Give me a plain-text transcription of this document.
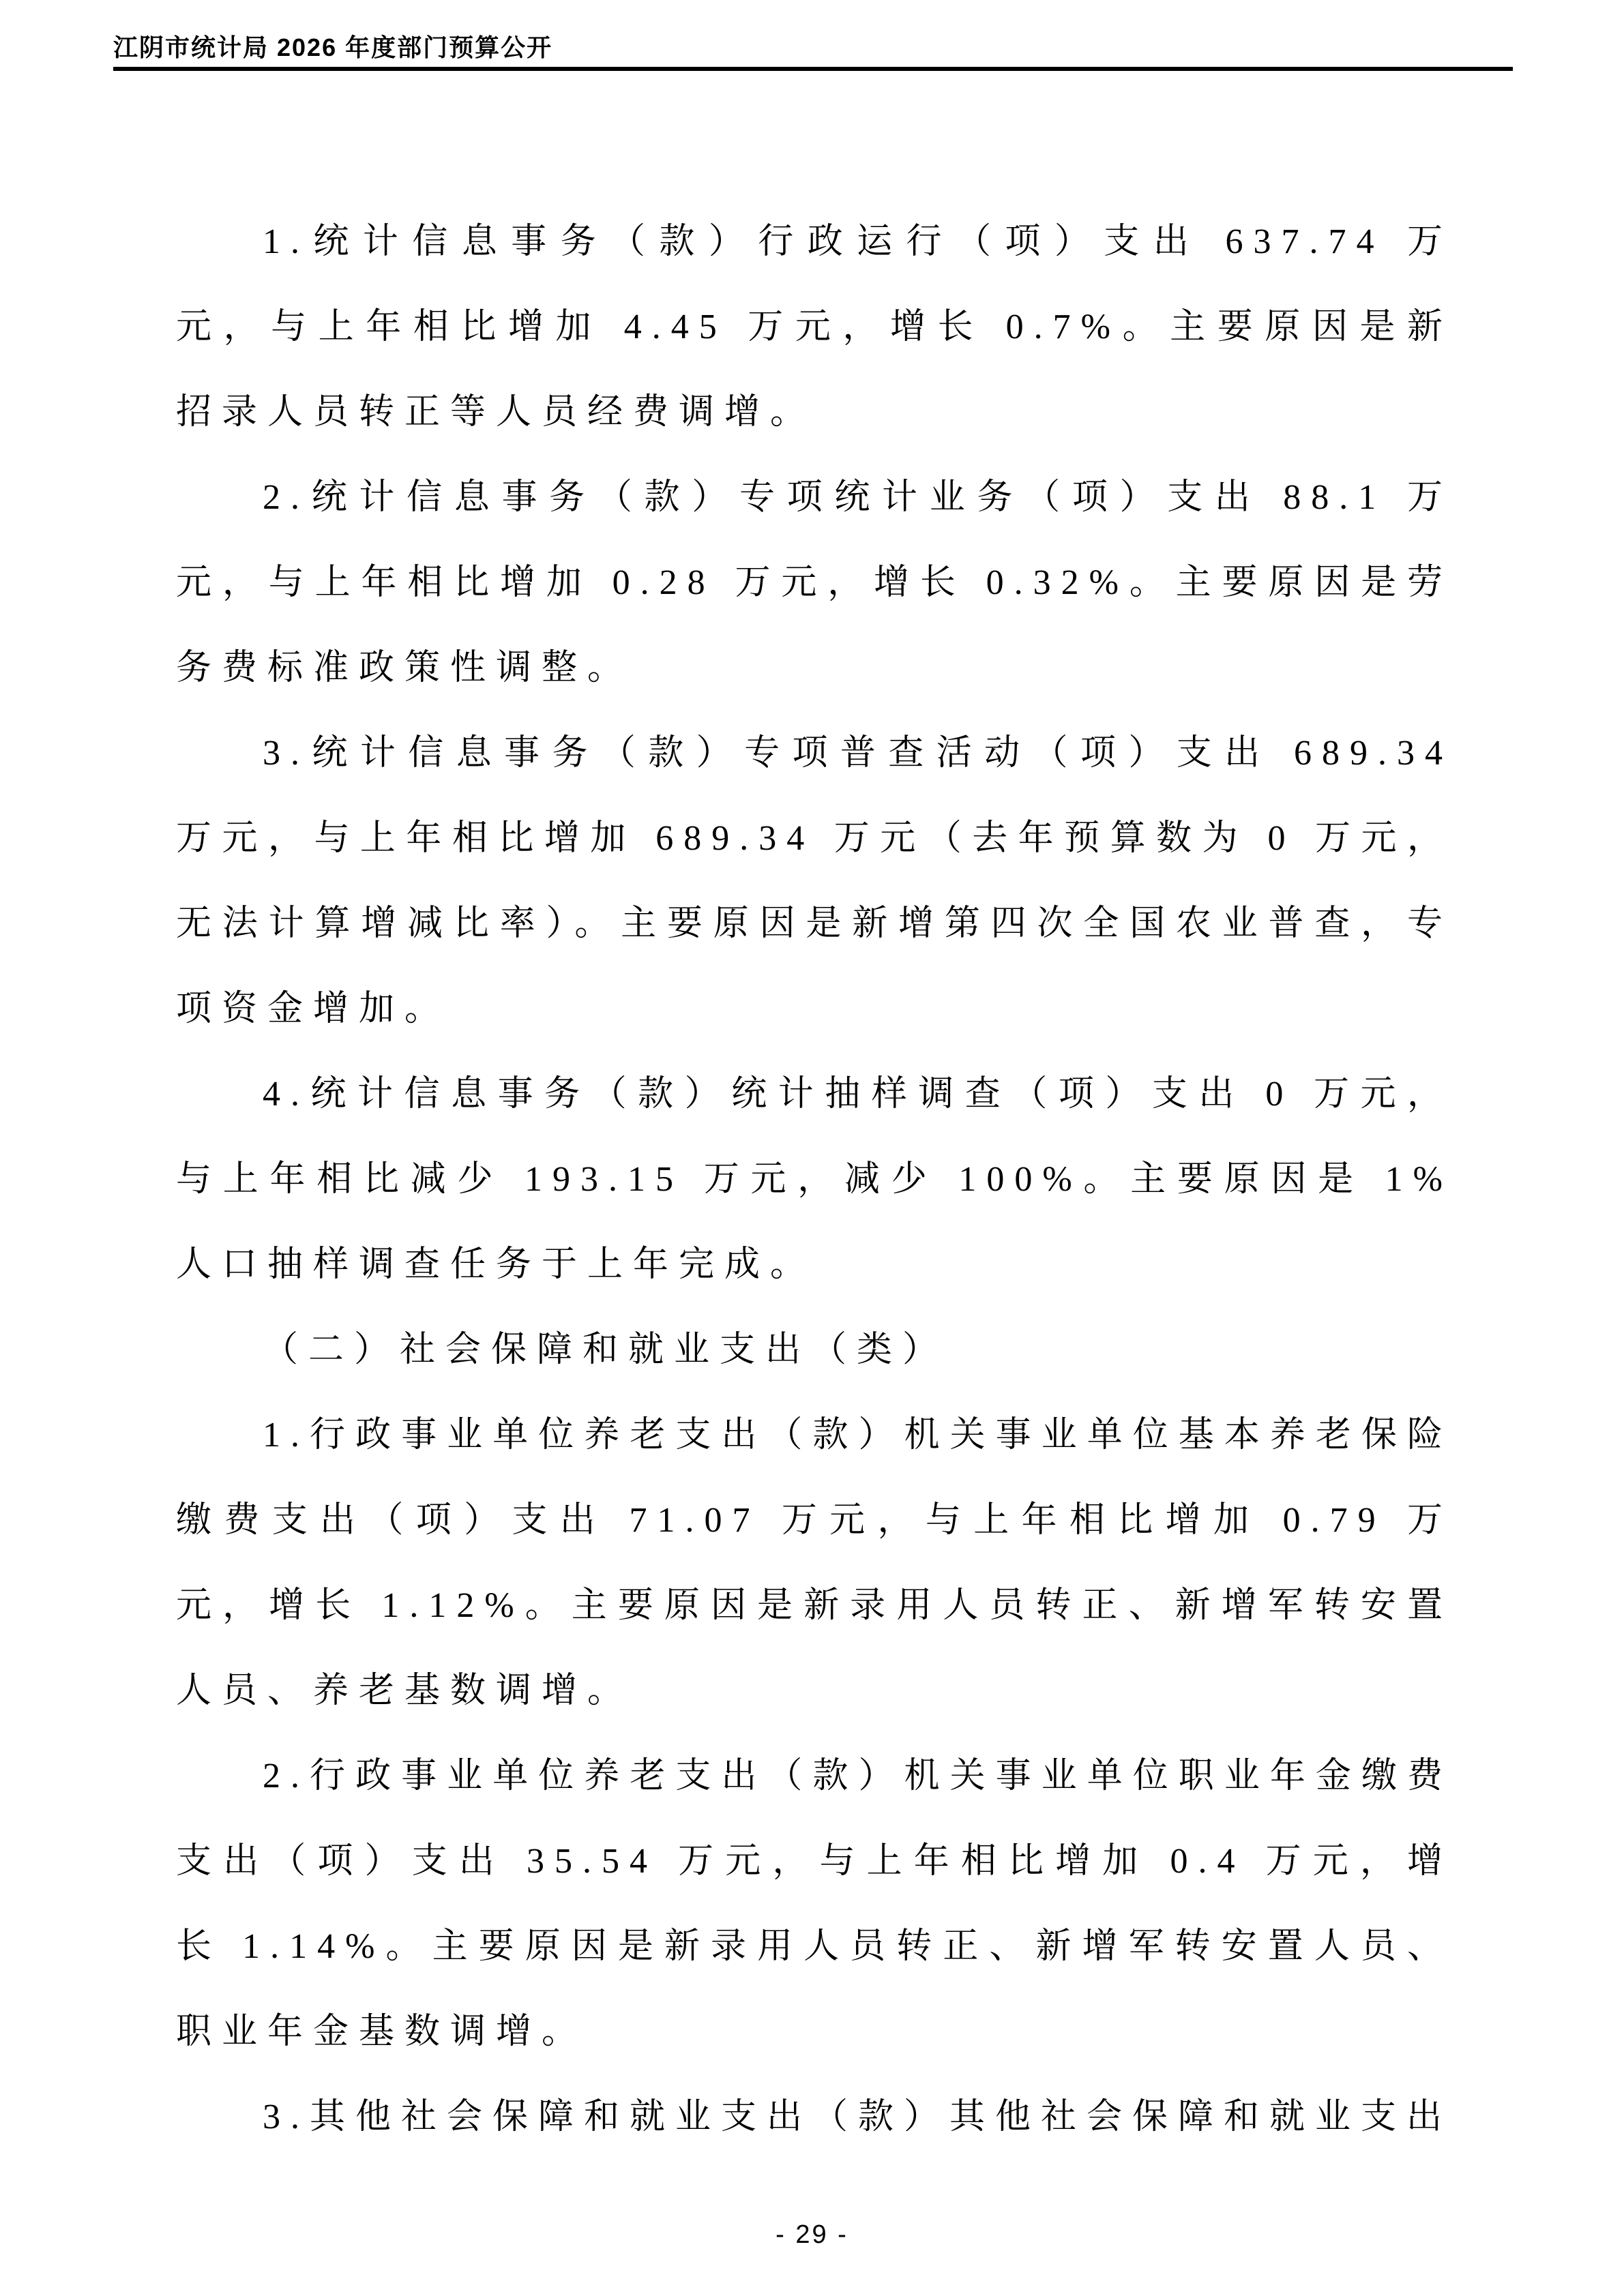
江阴市统计局 2026 年度部门预算公开

1.统计信息事务（款）行政运行（项）支出 637.74 万元，与上年相比增加 4.45 万元，增长 0.7%。主要原因是新招录人员转正等人员经费调增。

2.统计信息事务（款）专项统计业务（项）支出 88.1 万元，与上年相比增加 0.28 万元，增长 0.32%。主要原因是劳务费标准政策性调整。

3.统计信息事务（款）专项普查活动（项）支出 689.34 万元，与上年相比增加 689.34 万元（去年预算数为 0 万元，无法计算增减比率）。主要原因是新增第四次全国农业普查，专项资金增加。

4.统计信息事务（款）统计抽样调查（项）支出 0 万元，与上年相比减少 193.15 万元，减少 100%。主要原因是 1%人口抽样调查任务于上年完成。

（二）社会保障和就业支出（类）

1.行政事业单位养老支出（款）机关事业单位基本养老保险缴费支出（项）支出 71.07 万元，与上年相比增加 0.79 万元，增长 1.12%。主要原因是新录用人员转正、新增军转安置人员、养老基数调增。

2.行政事业单位养老支出（款）机关事业单位职业年金缴费支出（项）支出 35.54 万元，与上年相比增加 0.4 万元，增长 1.14%。主要原因是新录用人员转正、新增军转安置人员、职业年金基数调增。

3.其他社会保障和就业支出（款）其他社会保障和就业支出

- 29 -
